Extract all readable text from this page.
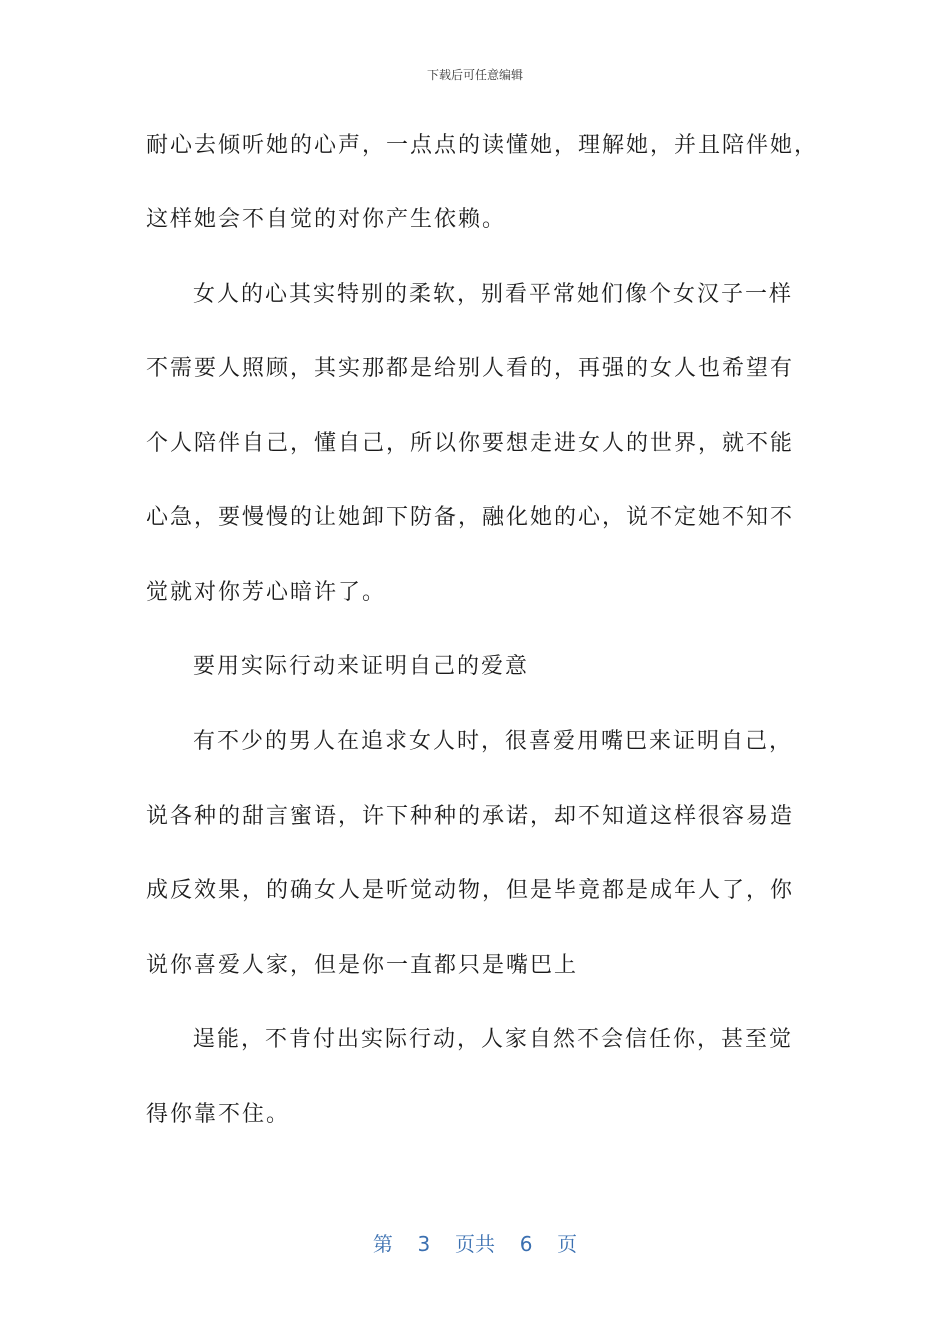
下载后可任意编辑

耐心去倾听她的心声，一点点的读懂她，理解她，并且陪伴她，

这样她会不自觉的对你产生依赖。

女人的心其实特别的柔软，别看平常她们像个女汉子一样

不需要人照顾，其实那都是给别人看的，再强的女人也希望有

个人陪伴自己，懂自己，所以你要想走进女人的世界，就不能

心急，要慢慢的让她卸下防备，融化她的心，说不定她不知不

觉就对你芳心暗许了。

要用实际行动来证明自己的爱意

有不少的男人在追求女人时，很喜爱用嘴巴来证明自己，

说各种的甜言蜜语，许下种种的承诺，却不知道这样很容易造

成反效果，的确女人是听觉动物，但是毕竟都是成年人了，你

说你喜爱人家，但是你一直都只是嘴巴上

逞能，不肯付出实际行动，人家自然不会信任你，甚至觉

得你靠不住。

第  3  页共  6  页
